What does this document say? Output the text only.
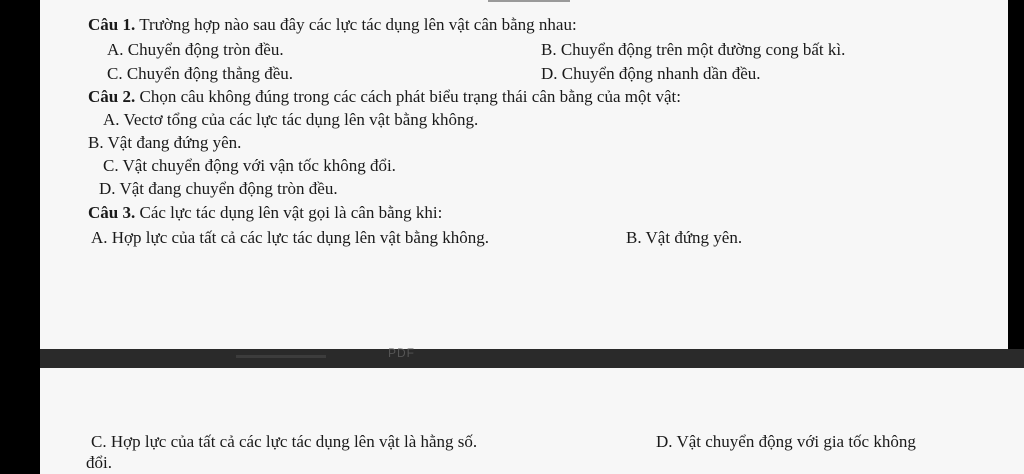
PDF
Câu 1. Trường hợp nào sau đây các lực tác dụng lên vật cân bằng nhau:
A. Chuyển động tròn đều.	B. Chuyển động trên một đường cong bất kì.
C. Chuyển động thẳng đều.	D. Chuyển động nhanh dần đều.
Câu 2. Chọn câu không đúng trong các cách phát biểu trạng thái cân bằng của một vật:
A. Vectơ tổng của các lực tác dụng lên vật bằng không.
B. Vật đang đứng yên.
C. Vật chuyển động với vận tốc không đổi.
D. Vật đang chuyển động tròn đều.
Câu 3. Các lực tác dụng lên vật gọi là cân bằng khi:
A. Hợp lực của tất cả các lực tác dụng lên vật bằng không.	B. Vật đứng yên.
C. Hợp lực của tất cả các lực tác dụng lên vật là hằng số.	D. Vật chuyển động với gia tốc không
đổi.
